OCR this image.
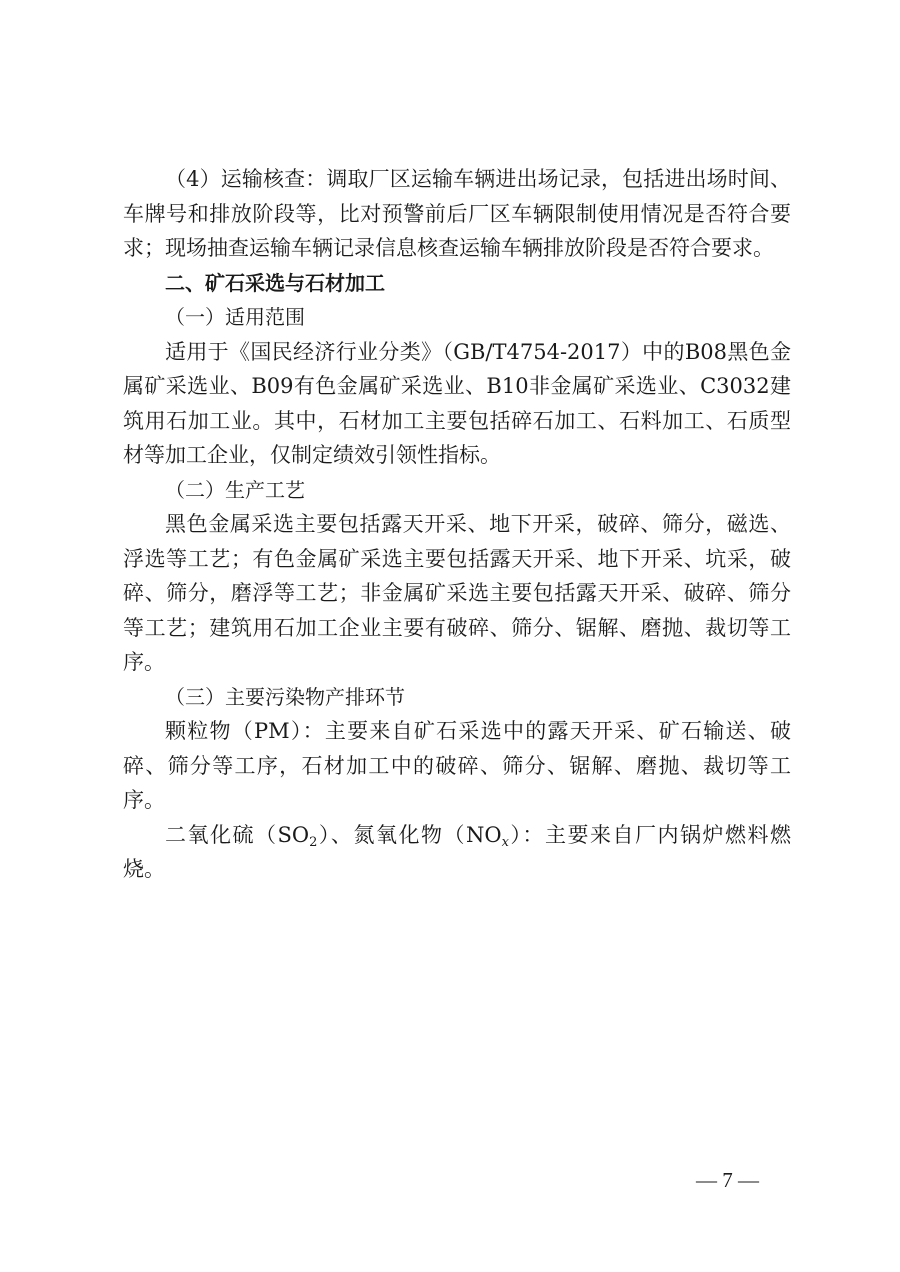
（4）运输核查：调取厂区运输车辆进出场记录，包括进出场时间、车牌号和排放阶段等，比对预警前后厂区车辆限制使用情况是否符合要求；现场抽查运输车辆记录信息核查运输车辆排放阶段是否符合要求。

二、矿石采选与石材加工

（一）适用范围

适用于《国民经济行业分类》（GB/T4754-2017）中的B08黑色金属矿采选业、B09有色金属矿采选业、B10非金属矿采选业、C3032建筑用石加工业。其中，石材加工主要包括碎石加工、石料加工、石质型材等加工企业，仅制定绩效引领性指标。

（二）生产工艺

黑色金属采选主要包括露天开采、地下开采，破碎、筛分，磁选、浮选等工艺；有色金属矿采选主要包括露天开采、地下开采、坑采，破碎、筛分，磨浮等工艺；非金属矿采选主要包括露天开采、破碎、筛分等工艺；建筑用石加工企业主要有破碎、筛分、锯解、磨抛、裁切等工序。

（三）主要污染物产排环节

颗粒物（PM）：主要来自矿石采选中的露天开采、矿石输送、破碎、筛分等工序，石材加工中的破碎、筛分、锯解、磨抛、裁切等工序。

二氧化硫$(SO_2)$、氮氧化物$(NO_x)$：主要来自厂内锅炉燃料燃烧。

— 7 —
